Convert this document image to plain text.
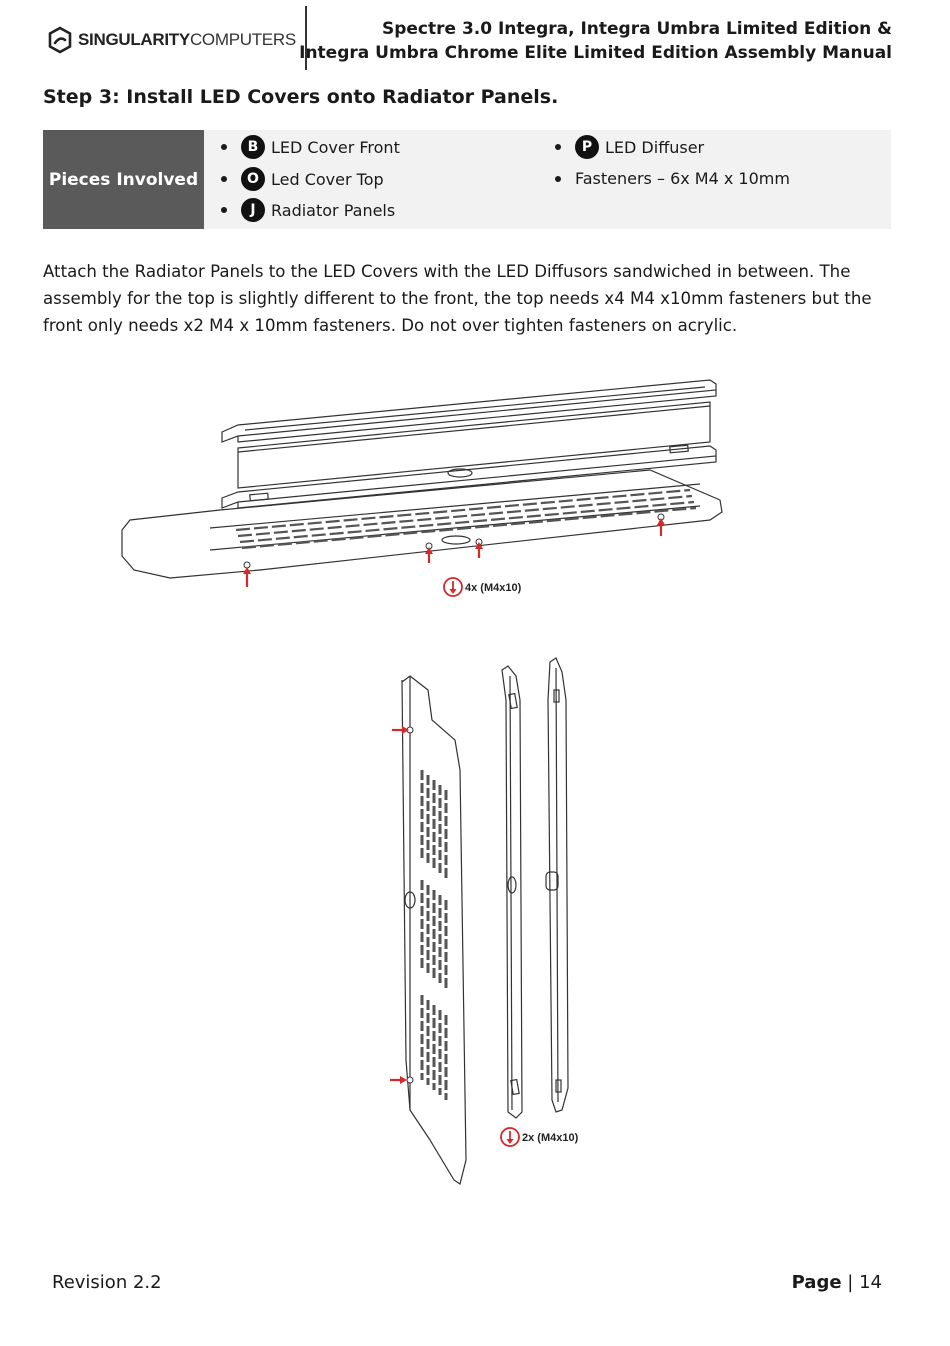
SINGULARITYCOMPUTERS
Spectre 3.0 Integra, Integra Umbra Limited Edition &
Integra Umbra Chrome Elite Limited Edition Assembly Manual
Step 3: Install LED Covers onto Radiator Panels.
Pieces Involved
B LED Cover Front
O Led Cover Top
J Radiator Panels
P LED Diffuser
Fasteners – 6x M4 x 10mm
Attach the Radiator Panels to the LED Covers with the LED Diffusors sandwiched in between. The assembly for the top is slightly different to the front, the top needs x4 M4 x10mm fasteners but the front only needs x2 M4 x 10mm fasteners. Do not over tighten fasteners on acrylic.
4x (M4x10)
2x (M4x10)
Revision 2.2	Page | 14
